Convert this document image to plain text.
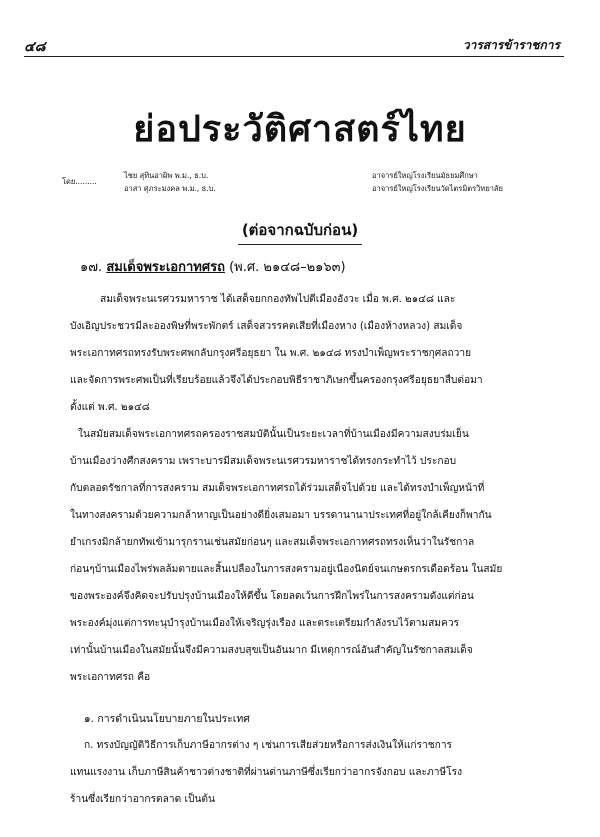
๔๘	วารสารข้าราชการ
ย่อประวัติศาสตร์ไทย
โดย.........
ไชย สุทินอาผิพ พ.ม., ธ.บ.	อาจารย์ใหญ่โรงเรียนมัธยมศึกษา
อาสา ศุภระมงคล พ.ม., ธ.บ.	อาจารย์ใหญ่โรงเรียนวัดไตรมิตรวิทยาลัย
(ต่อจากฉบับก่อน)
๑๗. สมเด็จพระเอกาทศรถ (พ.ศ. ๒๑๔๘–๒๑๖๓)
สมเด็จพระนเรศวรมหาราช ได้เสด็จยกกองทัพไปตีเมืองอังวะ เมื่อ พ.ศ. ๒๑๔๘ และ
บังเอิญประชวรมีละอองพิษที่พระพักตร์ เสด็จสวรรคตเสียที่เมืองหาง (เมืองห้างหลวง) สมเด็จ
พระเอกาทศรถทรงรับพระศพกลับกรุงศรีอยุธยา ใน พ.ศ. ๒๑๔๘ ทรงบำเพ็ญพระราชกุศลถวาย
และจัดการพระศพเป็นที่เรียบร้อยแล้วจึงได้ประกอบพิธีราชาภิเษกขึ้นครองกรุงศรีอยุธยาสืบต่อมา
ตั้งแต่ พ.ศ. ๒๑๔๘
ในสมัยสมเด็จพระเอกาทศรถครองราชสมบัตินั้นเป็นระยะเวลาที่บ้านเมืองมีความสงบร่มเย็น
บ้านเมืองว่างศึกสงคราม เพราะบารมีสมเด็จพระนเรศวรมหาราชได้ทรงกระทำไว้ ประกอบ
กับตลอดรัชกาลที่การสงคราม สมเด็จพระเอกาทศรถได้ร่วมเสด็จไปด้วย และได้ทรงบำเพ็ญหน้าที่
ในทางสงครามด้วยความกล้าหาญเป็นอย่างดียิ่งเสมอมา บรรดานานาประเทศที่อยู่ใกล้เคียงก็พากัน
ยำเกรงมิกล้ายกทัพเข้ามารุกรานเช่นสมัยก่อนๆ และสมเด็จพระเอกาทศรถทรงเห็นว่าในรัชกาล
ก่อนๆบ้านเมืองไพร่พลล้มตายและสิ้นเปลืองในการสงครามอยู่เนืองนิตย์จนเกษตรกรเดือดร้อน ในสมัย
ของพระองค์จึงคิดจะปรับปรุงบ้านเมืองให้ดีขึ้น โดยลดเว้นการฝึกไพร่ในการสงครามดังแต่ก่อน
พระองค์มุ่งแต่การทะนุบำรุงบ้านเมืองให้เจริญรุ่งเรือง และตระเตรียมกำลังรบไว้ตามสมควร
เท่านั้นบ้านเมืองในสมัยนั้นจึงมีความสงบสุขเป็นอันมาก มีเหตุการณ์อันสำคัญในรัชกาลสมเด็จ
พระเอกาทศรถ คือ
๑. การดำเนินนโยบายภายในประเทศ
ก. ทรงบัญญัติวิธีการเก็บภาษีอากรต่าง ๆ เช่นการเสียส่วยหรือการส่งเงินให้แก่ราชการ
แทนแรงงาน เก็บภาษีสินค้าชาวต่างชาติที่ผ่านด่านภาษีซึ่งเรียกว่าอากรจังกอบ และภาษีโรง
ร้านซึ่งเรียกว่าอากรตลาด เป็นต้น
